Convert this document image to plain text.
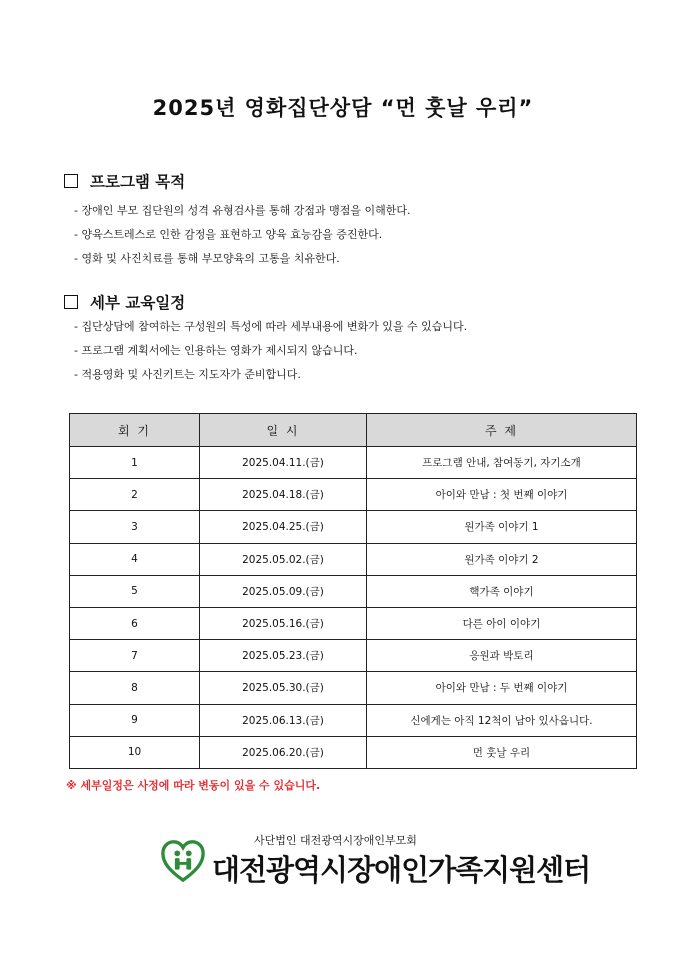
2025년 영화집단상담 “먼 훗날 우리”
프로그램 목적
- 장애인 부모 집단원의 성격 유형검사를 통해 강점과 맹점을 이해한다.
- 양육스트레스로 인한 감정을 표현하고 양육 효능감을 증진한다.
- 영화 및 사진치료를 통해 부모양육의 고통을 치유한다.
세부 교육일정
- 집단상담에 참여하는 구성원의 특성에 따라 세부내용에 변화가 있을 수 있습니다.
- 프로그램 계획서에는 인용하는 영화가 제시되지 않습니다.
- 적용영화 및 사진키트는 지도자가 준비합니다.
회 기	일 시	주 제
1	2025.04.11.(금)	프로그램 안내, 참여동기, 자기소개
2	2025.04.18.(금)	아이와 만남 : 첫 번째 이야기
3	2025.04.25.(금)	원가족 이야기 1
4	2025.05.02.(금)	원가족 이야기 2
5	2025.05.09.(금)	핵가족 이야기
6	2025.05.16.(금)	다른 아이 이야기
7	2025.05.23.(금)	응원과 박토리
8	2025.05.30.(금)	아이와 만남 : 두 번째 이야기
9	2025.06.13.(금)	신에게는 아직 12척이 남아 있사옵니다.
10	2025.06.20.(금)	먼 훗날 우리
※ 세부일정은 사정에 따라 변동이 있을 수 있습니다.
사단법인 대전광역시장애인부모회
대전광역시장애인가족지원센터
